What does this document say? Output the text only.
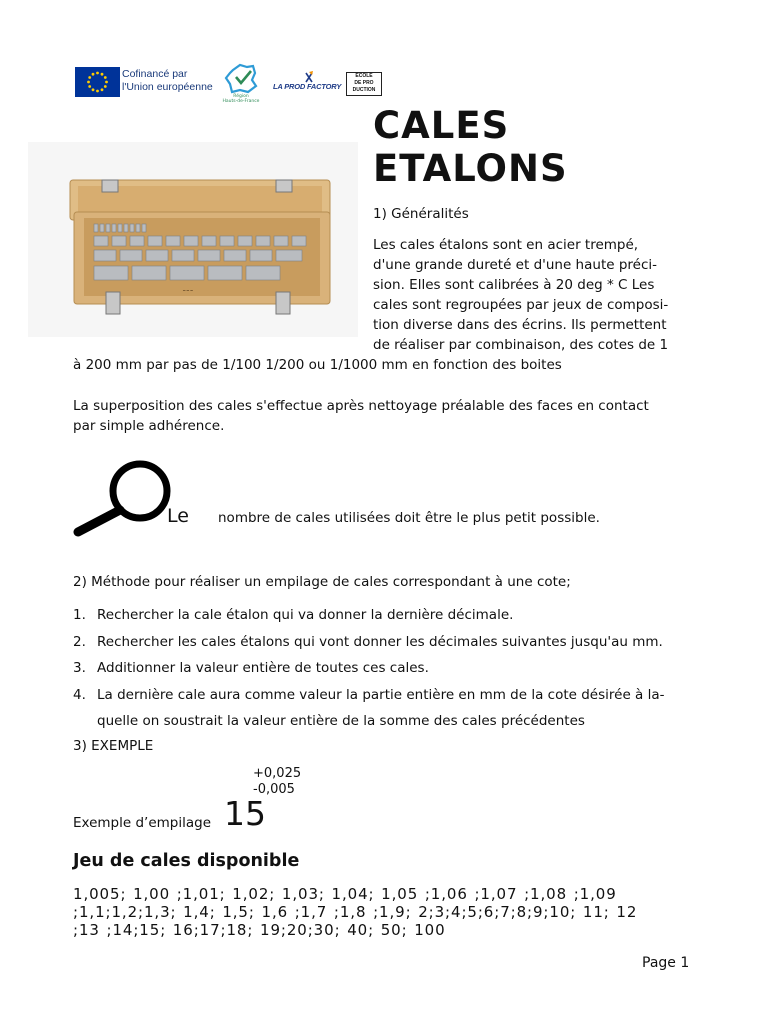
Cofinancé par
l'Union européenne
Région
Hauts-de-France
LA PROD FACTORY
ÉCOLE
DE PRO
DUCTION
CALES
ETALONS
═ ═ ═

1) Généralités

Les cales étalons sont en acier trempé,

d'une grande dureté et d'une haute préci-

sion. Elles sont calibrées à 20 deg * C Les

cales sont regroupées par jeux de composi-

tion diverse dans des écrins. Ils permettent

de réaliser par combinaison, des cotes de 1

à 200 mm par pas de 1/100 1/200 ou 1/1000 mm en fonction des boites

La superposition des cales s'effectue après nettoyage préalable des faces en contact

par simple adhérence.

Le nombre de cales utilisées doit être le plus petit possible.

2) Méthode pour réaliser un empilage de cales correspondant à une cote;

1. Rechercher la cale étalon qui va donner la dernière décimale.
2. Rechercher les cales étalons qui vont donner les décimales suivantes jusqu'au mm.
3. Additionner la valeur entière de toutes ces cales.
4. La dernière cale aura comme valeur la partie entière en mm de la cote désirée à la-
quelle on soustrait la valeur entière de la somme des cales précédentes

3) EXEMPLE

+0,025
-0,005

Exemple d’empilage 15
Jeu de cales disponible
1,005; 1,00 ;1,01; 1,02; 1,03; 1,04; 1,05 ;1,06 ;1,07 ;1,08 ;1,09
;1,1;1,2;1,3; 1,4; 1,5; 1,6 ;1,7 ;1,8 ;1,9; 2;3;4;5;6;7;8;9;10; 11; 12
;13 ;14;15; 16;17;18; 19;20;30; 40; 50; 100
Page 1
